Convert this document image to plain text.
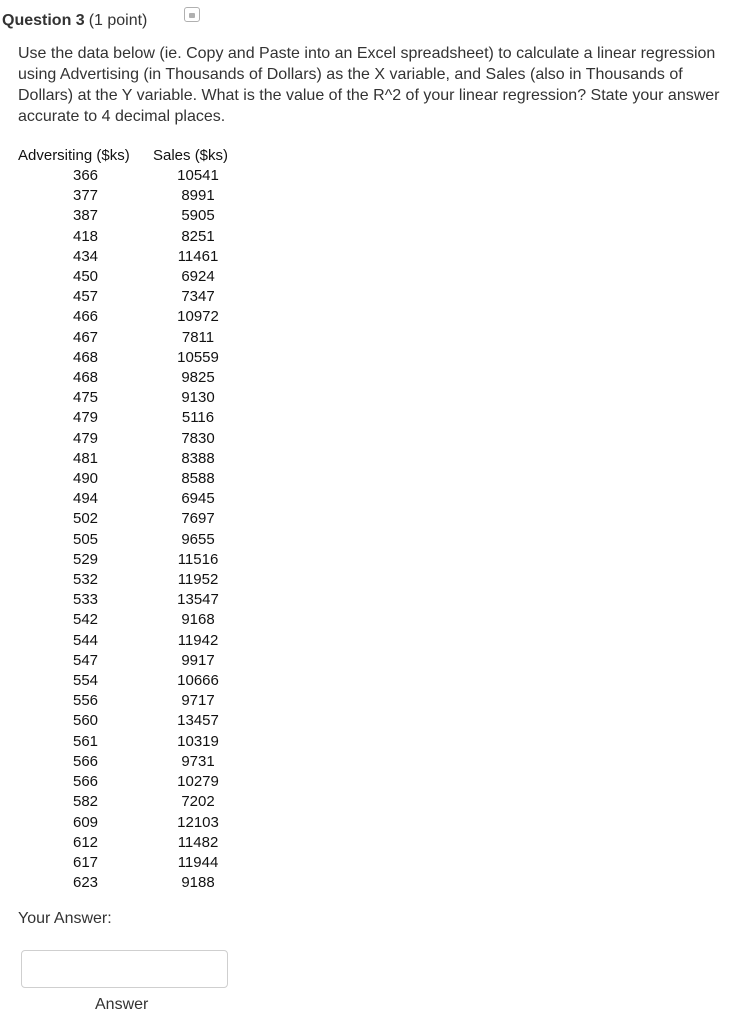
Question 3 (1 point)
Use the data below (ie. Copy and Paste into an Excel spreadsheet) to calculate a linear regression using Advertising (in Thousands of Dollars) as the X variable, and Sales (also in Thousands of Dollars) at the Y variable. What is the value of the R^2 of your linear regression? State your answer accurate to 4 decimal places.
Adversiting ($ks)	Sales ($ks)
366	10541
377	8991
387	5905
418	8251
434	11461
450	6924
457	7347
466	10972
467	7811
468	10559
468	9825
475	9130
479	5116
479	7830
481	8388
490	8588
494	6945
502	7697
505	9655
529	11516
532	11952
533	13547
542	9168
544	11942
547	9917
554	10666
556	9717
560	13457
561	10319
566	9731
566	10279
582	7202
609	12103
612	11482
617	11944
623	9188
Your Answer:
Answer
